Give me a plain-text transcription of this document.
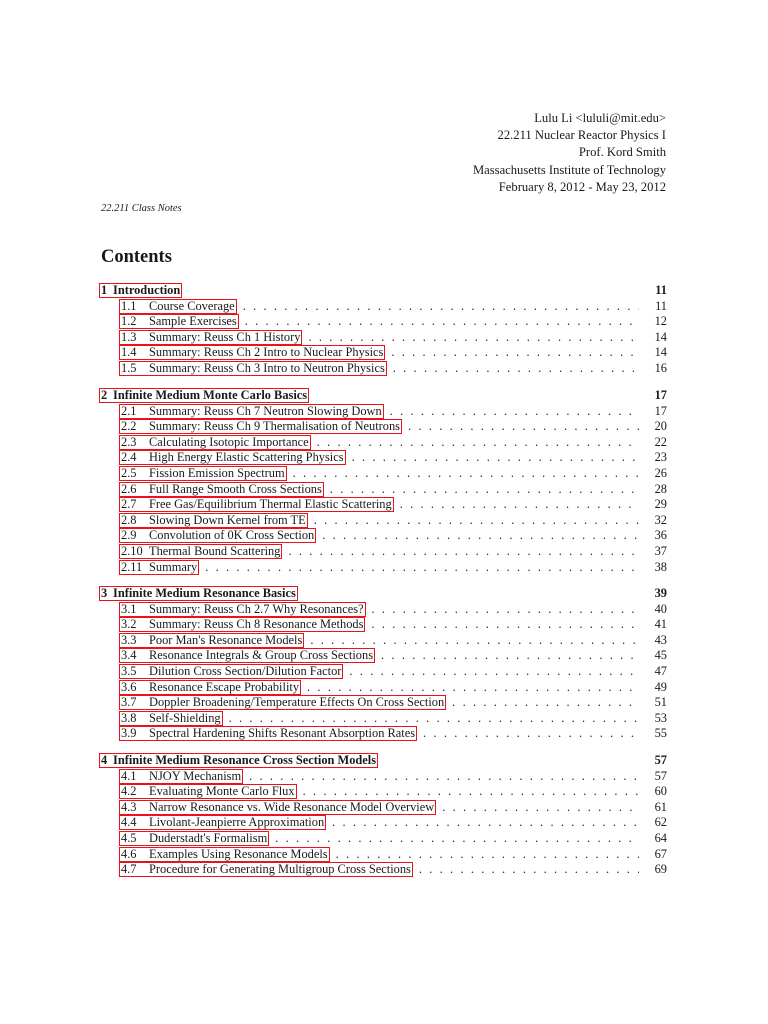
Lulu Li <lululi@mit.edu>
22.211 Nuclear Reactor Physics I
Prof. Kord Smith
Massachusetts Institute of Technology
February 8, 2012 - May 23, 2012
22.211 Class Notes
Contents
1 Introduction	11
1.1 Course Coverage . . .	11
1.2 Sample Exercises . . .	12
1.3 Summary: Reuss Ch 1 History . . .	14
1.4 Summary: Reuss Ch 2 Intro to Nuclear Physics . . .	14
1.5 Summary: Reuss Ch 3 Intro to Neutron Physics . . .	16
2 Infinite Medium Monte Carlo Basics	17
2.1 Summary: Reuss Ch 7 Neutron Slowing Down . . .	17
2.2 Summary: Reuss Ch 9 Thermalisation of Neutrons . . .	20
2.3 Calculating Isotopic Importance . . .	22
2.4 High Energy Elastic Scattering Physics . . .	23
2.5 Fission Emission Spectrum . . .	26
2.6 Full Range Smooth Cross Sections . . .	28
2.7 Free Gas/Equilibrium Thermal Elastic Scattering . . .	29
2.8 Slowing Down Kernel from TE . . .	32
2.9 Convolution of 0K Cross Section . . .	36
2.10 Thermal Bound Scattering . . .	37
2.11 Summary . . .	38
3 Infinite Medium Resonance Basics	39
3.1 Summary: Reuss Ch 2.7 Why Resonances? . . .	40
3.2 Summary: Reuss Ch 8 Resonance Methods . . .	41
3.3 Poor Man's Resonance Models . . .	43
3.4 Resonance Integrals & Group Cross Sections . . .	45
3.5 Dilution Cross Section/Dilution Factor . . .	47
3.6 Resonance Escape Probability . . .	49
3.7 Doppler Broadening/Temperature Effects On Cross Section . . .	51
3.8 Self-Shielding . . .	53
3.9 Spectral Hardening Shifts Resonant Absorption Rates . . .	55
4 Infinite Medium Resonance Cross Section Models	57
4.1 NJOY Mechanism . . .	57
4.2 Evaluating Monte Carlo Flux . . .	60
4.3 Narrow Resonance vs. Wide Resonance Model Overview . . .	61
4.4 Livolant-Jeanpierre Approximation . . .	62
4.5 Duderstadt's Formalism . . .	64
4.6 Examples Using Resonance Models . . .	67
4.7 Procedure for Generating Multigroup Cross Sections . . .	69
